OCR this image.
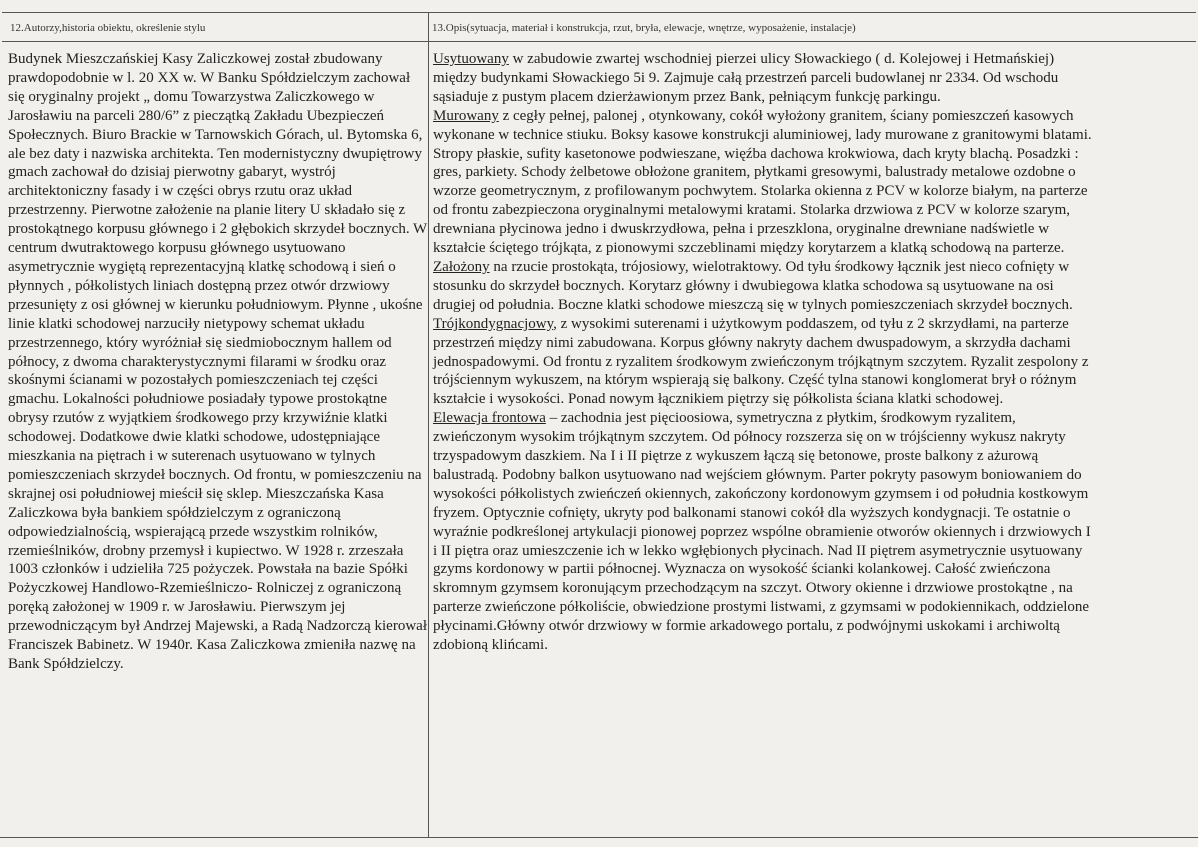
12.Autorzy,historia obiektu, określenie stylu	13.Opis(sytuacja, materiał i konstrukcja, rzut, bryła, elewacje, wnętrze, wyposażenie, instalacje)

Budynek Mieszczańskiej Kasy Zaliczkowej został zbudowany prawdopodobnie w l. 20 XX w. W Banku Spółdzielczym zachował się oryginalny projekt „ domu Towarzystwa Zaliczkowego w Jarosławiu na parceli 280/6” z pieczątką Zakładu Ubezpieczeń Społecznych. Biuro Brackie w Tarnowskich Górach, ul. Bytomska 6, ale bez daty i nazwiska architekta. Ten modernistyczny dwupiętrowy gmach zachował do dzisiaj pierwotny gabaryt, wystrój architektoniczny fasady i w części obrys rzutu oraz układ przestrzenny. Pierwotne założenie na planie litery U składało się z prostokątnego korpusu głównego i 2 głębokich skrzydeł bocznych. W centrum dwutraktowego korpusu głównego usytuowano asymetrycznie wygiętą reprezentacyjną klatkę schodową i sień o płynnych , półkolistych liniach dostępną przez otwór drzwiowy przesunięty z osi głównej w kierunku południowym. Płynne , ukośne linie klatki schodowej narzuciły nietypowy schemat układu przestrzennego, który wyróżniał się siedmiobocznym hallem od północy, z dwoma charakterystycznymi filarami w środku oraz skośnymi ścianami w pozostałych pomieszczeniach tej części gmachu. Lokalności południowe posiadały typowe prostokątne obrysy rzutów z wyjątkiem środkowego przy krzywiźnie klatki schodowej. Dodatkowe dwie klatki schodowe, udostępniające mieszkania na piętrach i w suterenach usytuowano w tylnych pomieszczeniach skrzydeł bocznych. Od frontu, w pomieszczeniu na skrajnej osi południowej mieścił się sklep. Mieszczańska Kasa Zaliczkowa była bankiem spółdzielczym z ograniczoną odpowiedzialnością, wspierającą przede wszystkim rolników, rzemieślników, drobny przemysł i kupiectwo. W 1928 r. zrzeszała 1003 członków i udzieliła 725 pożyczek. Powstała na bazie Spółki Pożyczkowej Handlowo-Rzemieślniczo- Rolniczej z ograniczoną poręką założonej w 1909 r. w Jarosławiu. Pierwszym jej przewodniczącym był Andrzej Majewski, a Radą Nadzorczą kierował Franciszek Babinetz. W 1940r. Kasa Zaliczkowa zmieniła nazwę na Bank Spółdzielczy.

Usytuowany w zabudowie zwartej wschodniej pierzei ulicy Słowackiego ( d. Kolejowej i Hetmańskiej) między budynkami Słowackiego 5i 9. Zajmuje całą przestrzeń parceli budowlanej nr 2334. Od wschodu sąsiaduje z pustym placem dzierżawionym przez Bank, pełniącym funkcję parkingu.

Murowany z cegły pełnej, palonej , otynkowany, cokół wyłożony granitem, ściany pomieszczeń kasowych wykonane w technice stiuku. Boksy kasowe konstrukcji aluminiowej, lady murowane z granitowymi blatami. Stropy płaskie, sufity kasetonowe podwieszane, więźba dachowa krokwiowa, dach kryty blachą. Posadzki : gres, parkiety. Schody żelbetowe obłożone granitem, płytkami gresowymi, balustrady metalowe ozdobne o wzorze geometrycznym, z profilowanym pochwytem. Stolarka okienna z PCV w kolorze białym, na parterze od frontu zabezpieczona oryginalnymi metalowymi kratami. Stolarka drzwiowa z PCV w kolorze szarym, drewniana płycinowa jedno i dwuskrzydłowa, pełna i przeszklona, oryginalne drewniane nadświetle w kształcie ściętego trójkąta, z pionowymi szczeblinami między korytarzem a klatką schodową na parterze.

Założony na rzucie prostokąta, trójosiowy, wielotraktowy. Od tyłu środkowy łącznik jest nieco cofnięty w stosunku do skrzydeł bocznych. Korytarz główny i dwubiegowa klatka schodowa są usytuowane na osi drugiej od południa. Boczne klatki schodowe mieszczą się w tylnych pomieszczeniach skrzydeł bocznych.

Trójkondygnacjowy, z wysokimi suterenami i użytkowym poddaszem, od tyłu z 2 skrzydłami, na parterze przestrzeń między nimi zabudowana. Korpus główny nakryty dachem dwuspadowym, a skrzydła dachami jednospadowymi. Od frontu z ryzalitem środkowym zwieńczonym trójkątnym szczytem. Ryzalit zespolony z trójściennym wykuszem, na którym wspierają się balkony. Część tylna stanowi konglomerat brył o różnym kształcie i wysokości. Ponad nowym łącznikiem piętrzy się półkolista ściana klatki schodowej.

Elewacja frontowa – zachodnia jest pięcioosiowa, symetryczna z płytkim, środkowym ryzalitem, zwieńczonym wysokim trójkątnym szczytem. Od północy rozszerza się on w trójścienny wykusz nakryty trzyspadowym daszkiem. Na I i II piętrze z wykuszem łączą się betonowe, proste balkony z ażurową balustradą. Podobny balkon usytuowano nad wejściem głównym. Parter pokryty pasowym boniowaniem do wysokości półkolistych zwieńczeń okiennych, zakończony kordonowym gzymsem i od południa kostkowym fryzem. Optycznie cofnięty, ukryty pod balkonami stanowi cokół dla wyższych kondygnacji. Te ostatnie o wyraźnie podkreślonej artykulacji pionowej poprzez wspólne obramienie otworów okiennych i drzwiowych I i II piętra oraz umieszczenie ich w lekko wgłębionych płycinach. Nad II piętrem asymetrycznie usytuowany gzyms kordonowy w partii północnej. Wyznacza on wysokość ścianki kolankowej. Całość zwieńczona skromnym gzymsem koronującym przechodzącym na szczyt. Otwory okienne i drzwiowe prostokątne , na parterze zwieńczone półkoliście, obwiedzione prostymi listwami, z gzymsami w podokiennikach, oddzielone płycinami.Główny otwór drzwiowy w formie arkadowego portalu, z podwójnymi uskokami i archiwoltą zdobioną klińcami.
